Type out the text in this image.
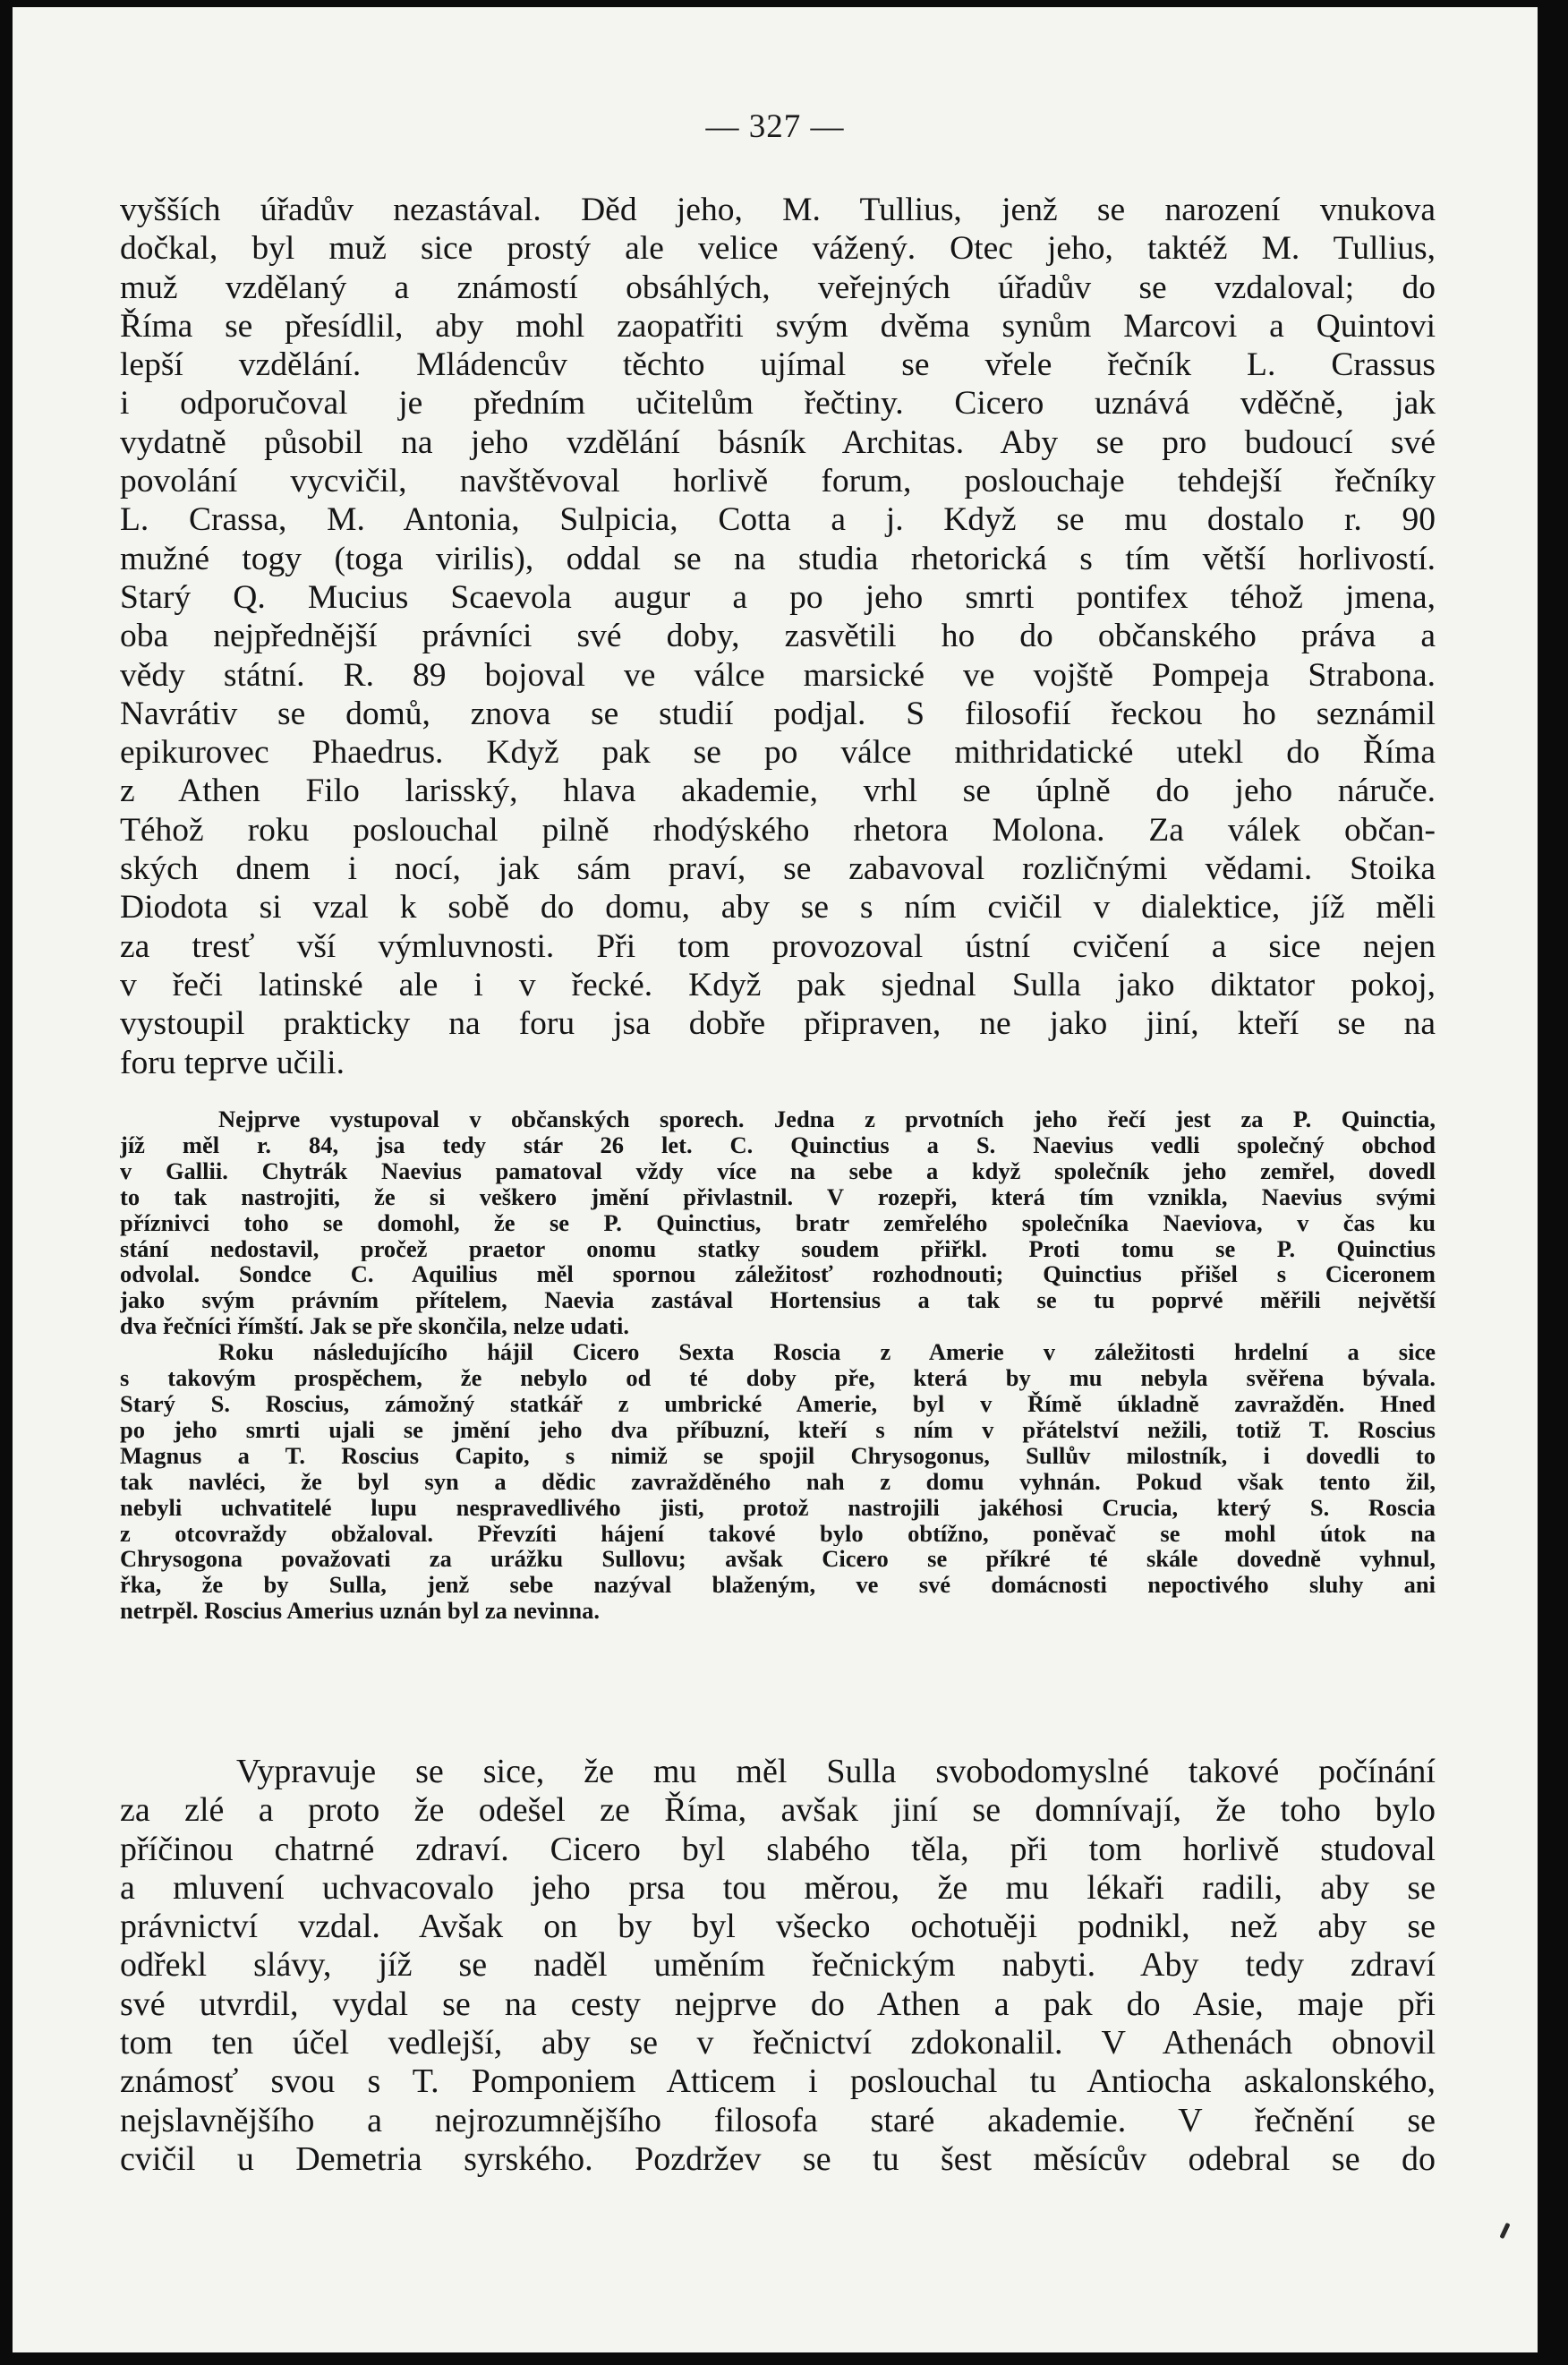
— 327 —
vyšších úřadův nezastával. Děd jeho, M. Tullius, jenž se narození vnukova
dočkal, byl muž sice prostý ale velice vážený. Otec jeho, taktéž M. Tullius,
muž vzdělaný a známostí obsáhlých, veřejných úřadův se vzdaloval; do
Říma se přesídlil, aby mohl zaopatřiti svým dvěma synům Marcovi a Quintovi
lepší vzdělání. Mládencův těchto ujímal se vřele řečník L. Crassus
i odporučoval je předním učitelům řečtiny. Cicero uznává vděčně, jak
vydatně působil na jeho vzdělání básník Architas. Aby se pro budoucí své
povolání vycvičil, navštěvoval horlivě forum, poslouchaje tehdejší řečníky
L. Crassa, M. Antonia, Sulpicia, Cotta a j. Když se mu dostalo r. 90
mužné togy (toga virilis), oddal se na studia rhetorická s tím větší horlivostí.
Starý Q. Mucius Scaevola augur a po jeho smrti pontifex téhož jmena,
oba nejpřednější právníci své doby, zasvětili ho do občanského práva a
vědy státní. R. 89 bojoval ve válce marsické ve vojště Pompeja Strabona.
Navrátiv se domů, znova se studií podjal. S filosofií řeckou ho seznámil
epikurovec Phaedrus. Když pak se po válce mithridatické utekl do Říma
z Athen Filo larisský, hlava akademie, vrhl se úplně do jeho náruče.
Téhož roku poslouchal pilně rhodýského rhetora Molona. Za válek občan-
ských dnem i nocí, jak sám praví, se zabavoval rozličnými vědami. Stoika
Diodota si vzal k sobě do domu, aby se s ním cvičil v dialektice, jíž měli
za tresť vší výmluvnosti. Při tom provozoval ústní cvičení a sice nejen
v řeči latinské ale i v řecké. Když pak sjednal Sulla jako diktator pokoj,
vystoupil prakticky na foru jsa dobře připraven, ne jako jiní, kteří se na
foru teprve učili.
Nejprve vystupoval v občanských sporech. Jedna z prvotních jeho řečí jest za P. Quinctia,
jíž měl r. 84, jsa tedy stár 26 let. C. Quinctius a S. Naevius vedli společný obchod
v Gallii. Chytrák Naevius pamatoval vždy více na sebe a když společník jeho zemřel, dovedl
to tak nastrojiti, že si veškero jmění přivlastnil. V rozepři, která tím vznikla, Naevius svými
příznivci toho se domohl, že se P. Quinctius, bratr zemřelého společníka Naeviova, v čas ku
stání nedostavil, pročež praetor onomu statky soudem přiřkl. Proti tomu se P. Quinctius
odvolal. Sondce C. Aquilius měl spornou záležitosť rozhodnouti; Quinctius přišel s Ciceronem
jako svým právním přítelem, Naevia zastával Hortensius a tak se tu poprvé měřili největší
dva řečníci římští. Jak se pře skončila, nelze udati.
Roku následujícího hájil Cicero Sexta Roscia z Amerie v záležitosti hrdelní a sice
s takovým prospěchem, že nebylo od té doby pře, která by mu nebyla svěřena bývala.
Starý S. Roscius, zámožný statkář z umbrické Amerie, byl v Římě úkladně zavražděn. Hned
po jeho smrti ujali se jmění jeho dva příbuzní, kteří s ním v přátelství nežili, totiž T. Roscius
Magnus a T. Roscius Capito, s nimiž se spojil Chrysogonus, Sullův milostník, i dovedli to
tak navléci, že byl syn a dědic zavražděného nah z domu vyhnán. Pokud však tento žil,
nebyli uchvatitelé lupu nespravedlivého jisti, protož nastrojili jakéhosi Crucia, který S. Roscia
z otcovraždy obžaloval. Převzíti hájení takové bylo obtížno, poněvač se mohl útok na
Chrysogona považovati za urážku Sullovu; avšak Cicero se příkré té skále dovedně vyhnul,
řka, že by Sulla, jenž sebe nazýval blaženým, ve své domácnosti nepoctivého sluhy ani
netrpěl. Roscius Amerius uznán byl za nevinna.
Vypravuje se sice, že mu měl Sulla svobodomyslné takové počínání
za zlé a proto že odešel ze Říma, avšak jiní se domnívají, že toho bylo
příčinou chatrné zdraví. Cicero byl slabého těla, při tom horlivě studoval
a mluvení uchvacovalo jeho prsa tou měrou, že mu lékaři radili, aby se
právnictví vzdal. Avšak on by byl všecko ochotuěji podnikl, než aby se
odřekl slávy, jíž se naděl uměním řečnickým nabyti. Aby tedy zdraví
své utvrdil, vydal se na cesty nejprve do Athen a pak do Asie, maje při
tom ten účel vedlejší, aby se v řečnictví zdokonalil. V Athenách obnovil
známosť svou s T. Pomponiem Atticem i poslouchal tu Antiocha askalonského,
nejslavnějšího a nejrozumnějšího filosofa staré akademie. V řečnění se
cvičil u Demetria syrského. Pozdržev se tu šest měsícův odebral se do
